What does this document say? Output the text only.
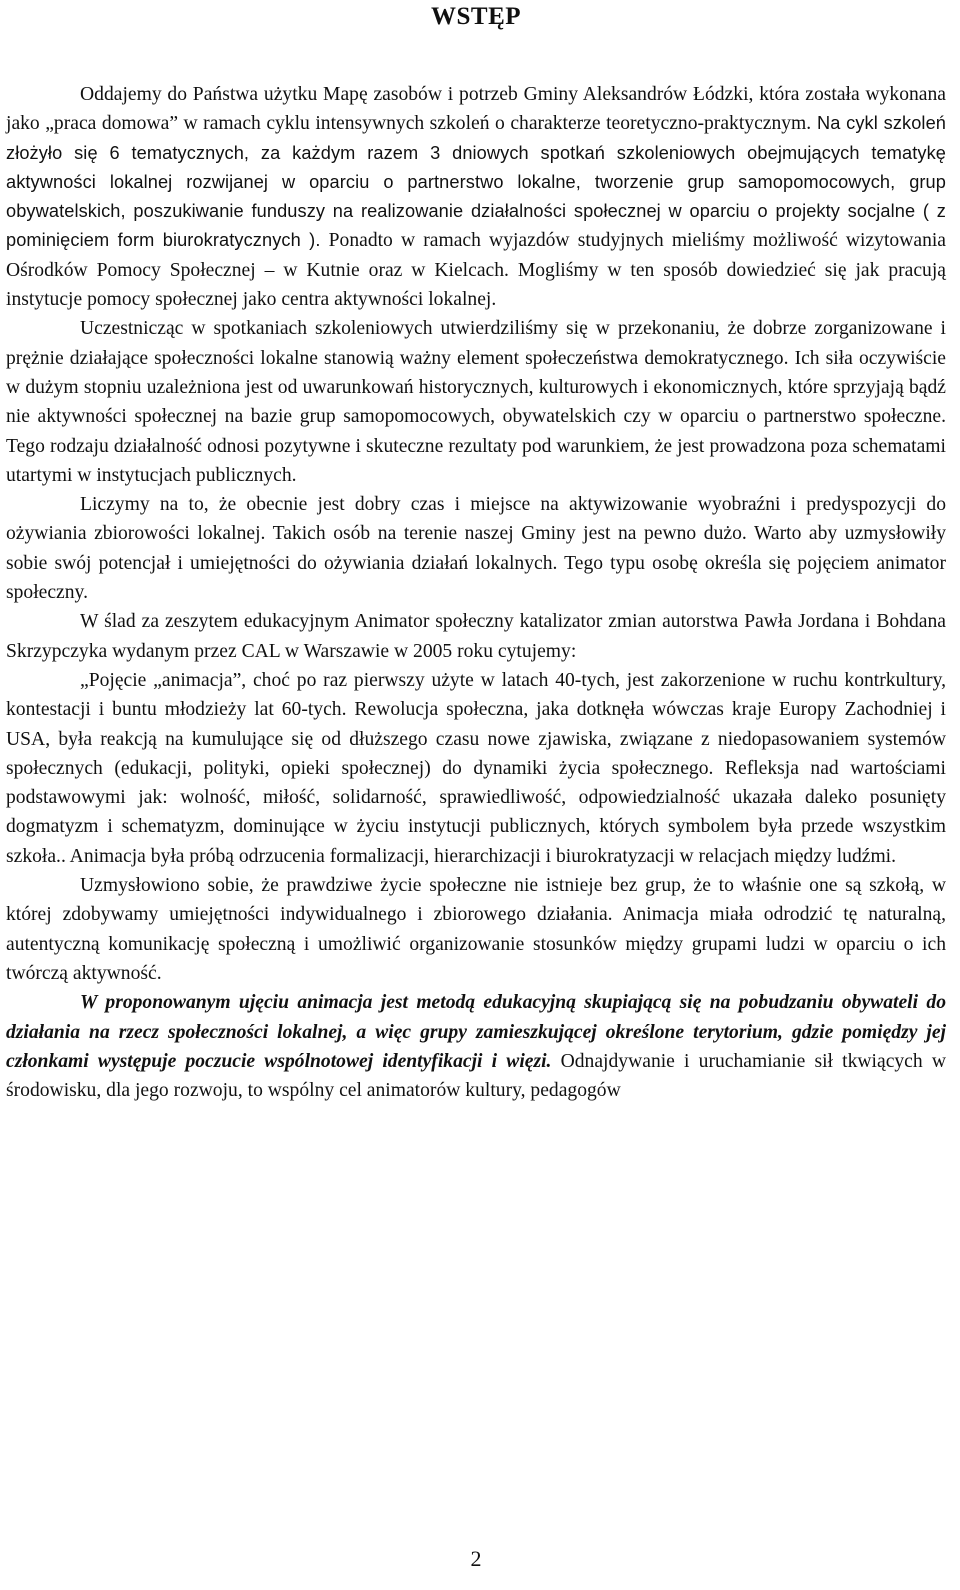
WSTĘP

Oddajemy do Państwa użytku Mapę zasobów i potrzeb Gminy Aleksandrów Łódzki, która została wykonana jako „praca domowa” w ramach cyklu intensywnych szkoleń o charakterze teoretyczno-praktycznym. Na cykl szkoleń złożyło się 6 tematycznych, za każdym razem 3 dniowych spotkań szkoleniowych obejmujących tematykę aktywności lokalnej rozwijanej w oparciu o partnerstwo lokalne, tworzenie grup samopomocowych, grup obywatelskich, poszukiwanie funduszy na realizowanie działalności społecznej w oparciu o projekty socjalne ( z pominięciem form biurokratycznych ). Ponadto w ramach wyjazdów studyjnych mieliśmy możliwość wizytowania Ośrodków Pomocy Społecznej – w Kutnie oraz w Kielcach. Mogliśmy w ten sposób dowiedzieć się jak pracują instytucje pomocy społecznej jako centra aktywności lokalnej.

Uczestnicząc w spotkaniach szkoleniowych utwierdziliśmy się w przekonaniu, że dobrze zorganizowane i prężnie działające społeczności lokalne stanowią ważny element społeczeństwa demokratycznego. Ich siła oczywiście w dużym stopniu uzależniona jest od uwarunkowań historycznych, kulturowych i ekonomicznych, które sprzyjają bądź nie aktywności społecznej na bazie grup samopomocowych, obywatelskich czy w oparciu o partnerstwo społeczne. Tego rodzaju działalność odnosi pozytywne i skuteczne rezultaty pod warunkiem, że jest prowadzona poza schematami utartymi w instytucjach publicznych.

Liczymy na to, że obecnie jest dobry czas i miejsce na aktywizowanie wyobraźni i predyspozycji do ożywiania zbiorowości lokalnej. Takich osób na terenie naszej Gminy jest na pewno dużo. Warto aby uzmysłowiły sobie swój potencjał i umiejętności do ożywiania działań lokalnych. Tego typu osobę określa się pojęciem animator społeczny.

W ślad za zeszytem edukacyjnym Animator społeczny katalizator zmian autorstwa Pawła Jordana i Bohdana Skrzypczyka wydanym przez CAL w Warszawie w 2005 roku cytujemy:

„Pojęcie „animacja”, choć po raz pierwszy użyte w latach 40-tych, jest zakorzenione w ruchu kontrkultury, kontestacji i buntu młodzieży lat 60-tych. Rewolucja społeczna, jaka dotknęła wówczas kraje Europy Zachodniej i USA, była reakcją na kumulujące się od dłuższego czasu nowe zjawiska, związane z niedopasowaniem systemów społecznych (edukacji, polityki, opieki społecznej) do dynamiki życia społecznego. Refleksja nad wartościami podstawowymi jak: wolność, miłość, solidarność, sprawiedliwość, odpowiedzialność ukazała daleko posunięty dogmatyzm i schematyzm, dominujące w życiu instytucji publicznych, których symbolem była przede wszystkim szkoła.. Animacja była próbą odrzucenia formalizacji, hierarchizacji i biurokratyzacji w relacjach między ludźmi.

Uzmysłowiono sobie, że prawdziwe życie społeczne nie istnieje bez grup, że to właśnie one są szkołą, w której zdobywamy umiejętności indywidualnego i zbiorowego działania. Animacja miała odrodzić tę naturalną, autentyczną komunikację społeczną i umożliwić organizowanie stosunków między grupami ludzi w oparciu o ich twórczą aktywność.

W proponowanym ujęciu animacja jest metodą edukacyjną skupiającą się na pobudzaniu obywateli do działania na rzecz społeczności lokalnej, a więc grupy zamieszkującej określone terytorium, gdzie pomiędzy jej członkami występuje poczucie wspólnotowej identyfikacji i więzi. Odnajdywanie i uruchamianie sił tkwiących w środowisku, dla jego rozwoju, to wspólny cel animatorów kultury, pedagogów

2
